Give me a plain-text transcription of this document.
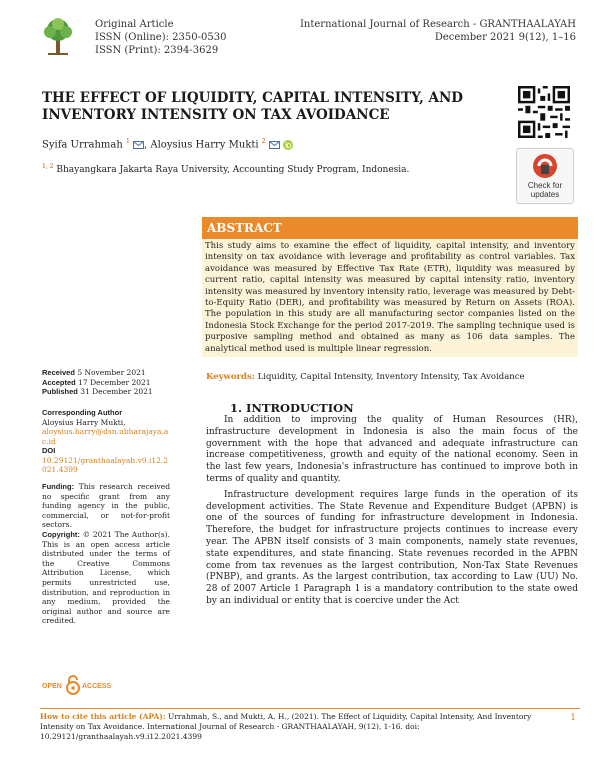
Original Article
ISSN (Online): 2350-0530
ISSN (Print): 2394-3629
International Journal of Research - GRANTHAALAYAH
December 2021 9(12), 1–16
THE EFFECT OF LIQUIDITY, CAPITAL INTENSITY, AND INVENTORY INTENSITY ON TAX AVOIDANCE
Check for
updates
Syifa Urrahmah $^1$ , Aloysius Harry Mukti $^2$
$^{1, 2}$ Bhayangkara Jakarta Raya University, Accounting Study Program, Indonesia.
ABSTRACT
This study aims to examine the effect of liquidity, capital intensity, and inventory intensity on tax avoidance with leverage and profitability as control variables. Tax avoidance was measured by Effective Tax Rate (ETR), liquidity was measured by current ratio, capital intensity was measured by capital intensity ratio, inventory intensity was measured by inventory intensity ratio, leverage was measured by Debt-to-Equity Ratio (DER), and profitability was measured by Return on Assets (ROA). The population in this study are all manufacturing sector companies listed on the Indonesia Stock Exchange for the period 2017-2019. The sampling technique used is purposive sampling method and obtained as many as 106 data samples. The analytical method used is multiple linear regression.
Keywords: Liquidity, Capital Intensity, Inventory Intensity, Tax Avoidance
Received 5 November 2021
Accepted 17 December 2021
Published 31 December 2021
Corresponding Author
Aloysius Harry Mukti,
aloysius.harry@dsn.ubharajaya.ac.id
DOI
10.29121/granthaalayah.v9.i12.2021.4399
Funding: This research received no specific grant from any funding agency in the public, commercial, or not-for-profit sectors.
Copyright: © 2021 The Author(s). This is an open access article distributed under the terms of the Creative Commons Attribution License, which permits unrestricted use, distribution, and reproduction in any medium, provided the original author and source are credited.
OPEN	ACCESS
1. INTRODUCTION

In addition to improving the quality of Human Resources (HR), infrastructure development in Indonesia is also the main focus of the government with the hope that advanced and adequate infrastructure can increase competitiveness, growth and equity of the national economy. Seen in the last few years, Indonesia's infrastructure has continued to improve both in terms of quality and quantity.

Infrastructure development requires large funds in the operation of its development activities. The State Revenue and Expenditure Budget (APBN) is one of the sources of funding for infrastructure development in Indonesia. Therefore, the budget for infrastructure projects continues to increase every year. The APBN itself consists of 3 main components, namely state revenues, state expenditures, and state financing. State revenues recorded in the APBN come from tax revenues as the largest contribution, Non-Tax State Revenues (PNBP), and grants. As the largest contribution, tax according to Law (UU) No. 28 of 2007 Article 1 Paragraph 1 is a mandatory contribution to the state owed by an individual or entity that is coercive under the Act

How to cite this article (APA): Urrahmah, S., and Mukti, A. H., (2021). The Effect of Liquidity, Capital Intensity, And Inventory Intensity on Tax Avoidance. International Journal of Research - GRANTHAALAYAH, 9(12), 1-16. doi: 10.29121/granthaalayah.v9.i12.2021.4399
1
